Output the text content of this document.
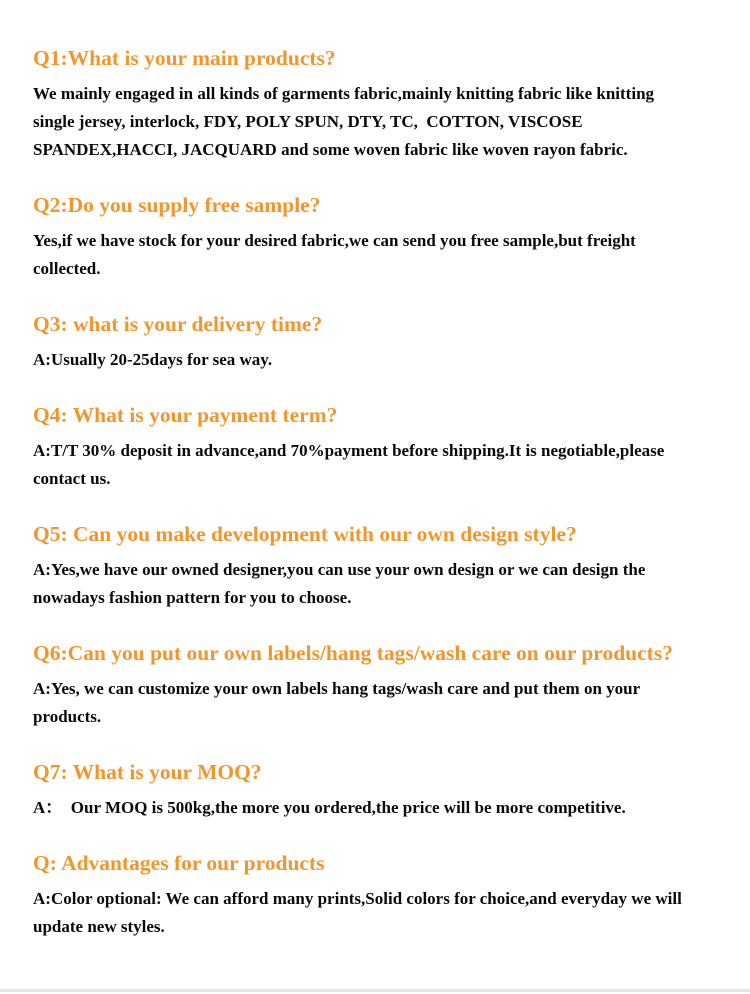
Q1:What is your main products?
We mainly engaged in all kinds of garments fabric,mainly knitting fabric like knitting
single jersey, interlock, FDY, POLY SPUN, DTY, TC,  COTTON, VISCOSE
SPANDEX,HACCI, JACQUARD and some woven fabric like woven rayon fabric.
Q2:Do you supply free sample?
Yes,if we have stock for your desired fabric,we can send you free sample,but freight
collected.
Q3: what is your delivery time?
A:Usually 20-25days for sea way.
Q4: What is your payment term?
A:T/T 30% deposit in advance,and 70%payment before shipping.It is negotiable,please
contact us.
Q5: Can you make development with our own design style?
A:Yes,we have our owned designer,you can use your own design or we can design the
nowadays fashion pattern for you to choose.
Q6:Can you put our own labels/hang tags/wash care on our products?
A:Yes, we can customize your own labels hang tags/wash care and put them on your
products.
Q7: What is your MOQ?
A：  Our MOQ is 500kg,the more you ordered,the price will be more competitive.
Q: Advantages for our products
A:Color optional: We can afford many prints,Solid colors for choice,and everyday we will
update new styles.
